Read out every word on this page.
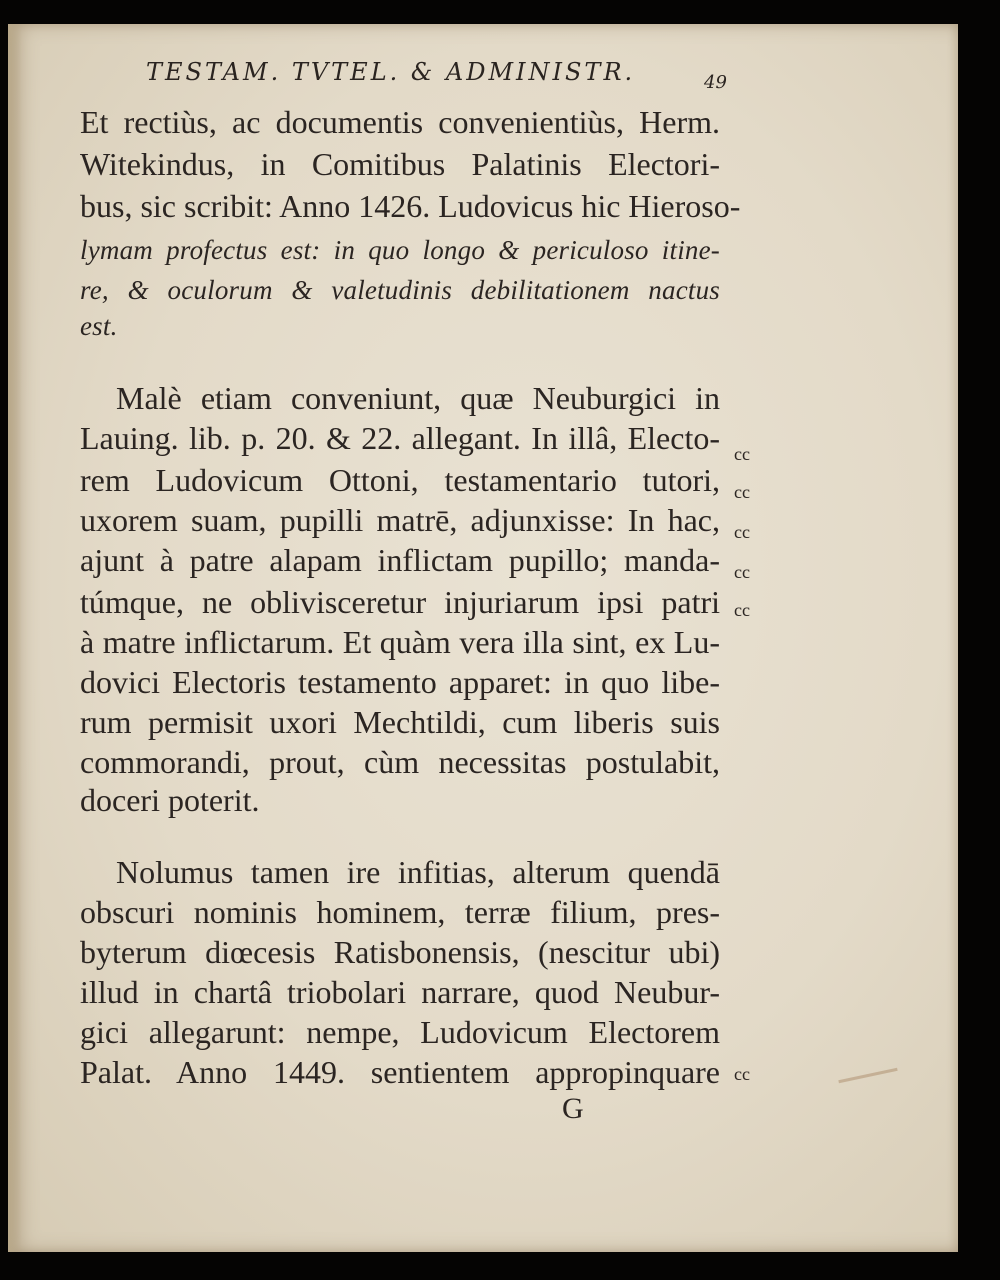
TESTAM. TVTEL. & ADMINISTR.	49
Et rectiùs, ac documentis convenientiùs, Herm.
Witekindus, in Comitibus Palatinis Electori-
bus, sic scribit: Anno 1426. Ludovicus hic Hieroso-
lymam profectus est: in quo longo & periculoso itine-
re, & oculorum & valetudinis debilitationem nactus
est.
Malè etiam conveniunt, quæ Neuburgici in
Lauing. lib. p. 20. & 22. allegant. In illâ, Electo-
rem Ludovicum Ottoni, testamentario tutori,
uxorem suam, pupilli matrē, adjunxisse: In hac,
ajunt à patre alapam inflictam pupillo; manda-
túmque, ne oblivisceretur injuriarum ipsi patri
à matre inflictarum. Et quàm vera illa sint, ex Lu-
dovici Electoris testamento apparet: in quo libe-
rum permisit uxori Mechtildi, cum liberis suis
commorandi, prout, cùm necessitas postulabit,
doceri poterit.
Nolumus tamen ire infitias, alterum quendā
obscuri nominis hominem, terræ filium, pres-
byterum diœcesis Ratisbonensis, (nescitur ubi)
illud in chartâ triobolari narrare, quod Neubur-
gici allegarunt: nempe, Ludovicum Electorem
Palat. Anno 1449. sentientem appropinquare
cc
cc
cc
cc
cc
cc
G
